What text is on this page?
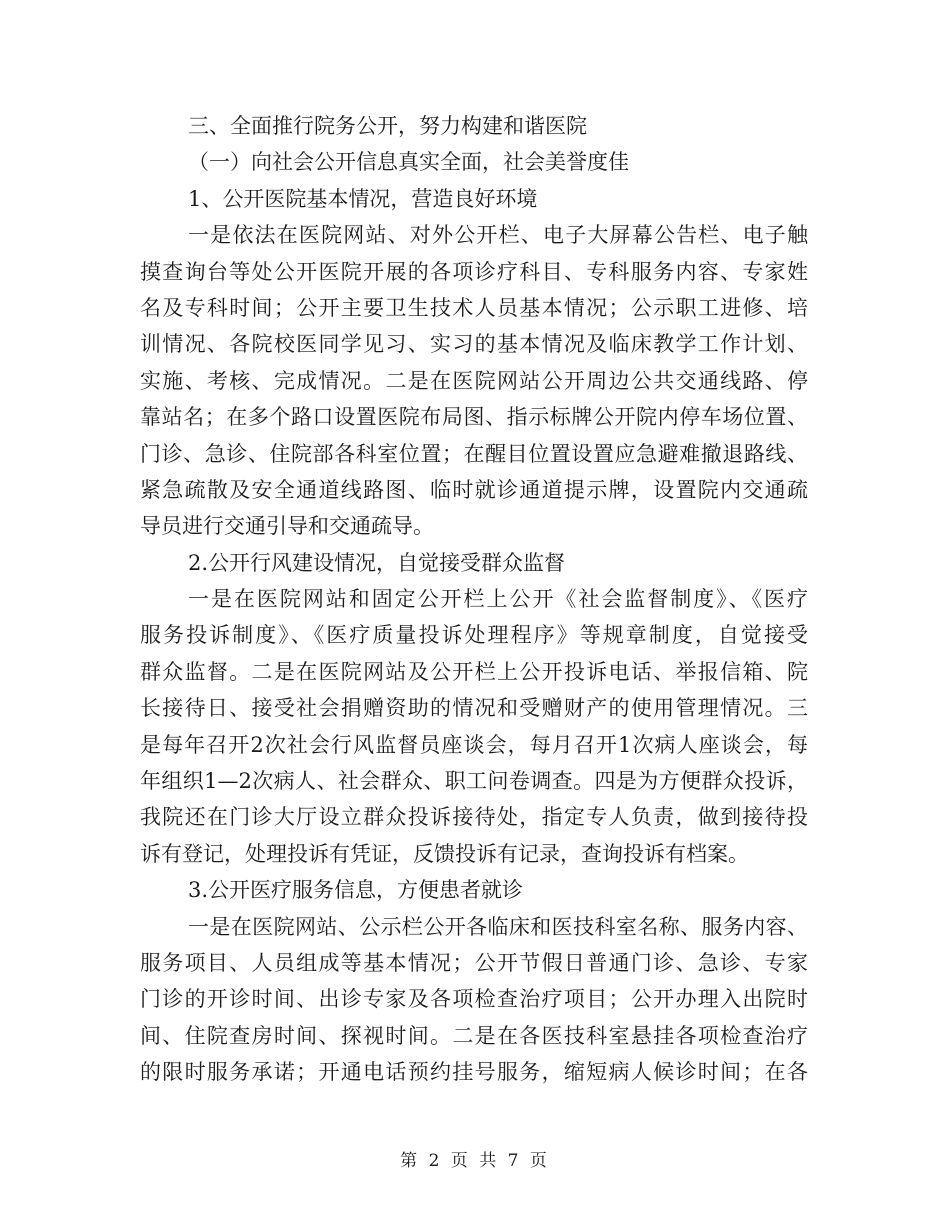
三、全面推行院务公开，努力构建和谐医院
（一）向社会公开信息真实全面，社会美誉度佳
1、公开医院基本情况，营造良好环境
一是依法在医院网站、对外公开栏、电子大屏幕公告栏、电子触
摸查询台等处公开医院开展的各项诊疗科目、专科服务内容、专家姓
名及专科时间；公开主要卫生技术人员基本情况；公示职工进修、培
训情况、各院校医同学见习、实习的基本情况及临床教学工作计划、
实施、考核、完成情况。二是在医院网站公开周边公共交通线路、停
靠站名；在多个路口设置医院布局图、指示标牌公开院内停车场位置、
门诊、急诊、住院部各科室位置；在醒目位置设置应急避难撤退路线、
紧急疏散及安全通道线路图、临时就诊通道提示牌，设置院内交通疏
导员进行交通引导和交通疏导。
2.公开行风建设情况，自觉接受群众监督
一是在医院网站和固定公开栏上公开《社会监督制度》、《医疗
服务投诉制度》、《医疗质量投诉处理程序》等规章制度，自觉接受
群众监督。二是在医院网站及公开栏上公开投诉电话、举报信箱、院
长接待日、接受社会捐赠资助的情况和受赠财产的使用管理情况。三
是每年召开2次社会行风监督员座谈会，每月召开1次病人座谈会，每
年组织1—2次病人、社会群众、职工问卷调查。四是为方便群众投诉，
我院还在门诊大厅设立群众投诉接待处，指定专人负责，做到接待投
诉有登记，处理投诉有凭证，反馈投诉有记录，查询投诉有档案。
3.公开医疗服务信息，方便患者就诊
一是在医院网站、公示栏公开各临床和医技科室名称、服务内容、
服务项目、人员组成等基本情况；公开节假日普通门诊、急诊、专家
门诊的开诊时间、出诊专家及各项检查治疗项目；公开办理入出院时
间、住院查房时间、探视时间。二是在各医技科室悬挂各项检查治疗
的限时服务承诺；开通电话预约挂号服务，缩短病人候诊时间；在各
第 2 页 共 7 页
